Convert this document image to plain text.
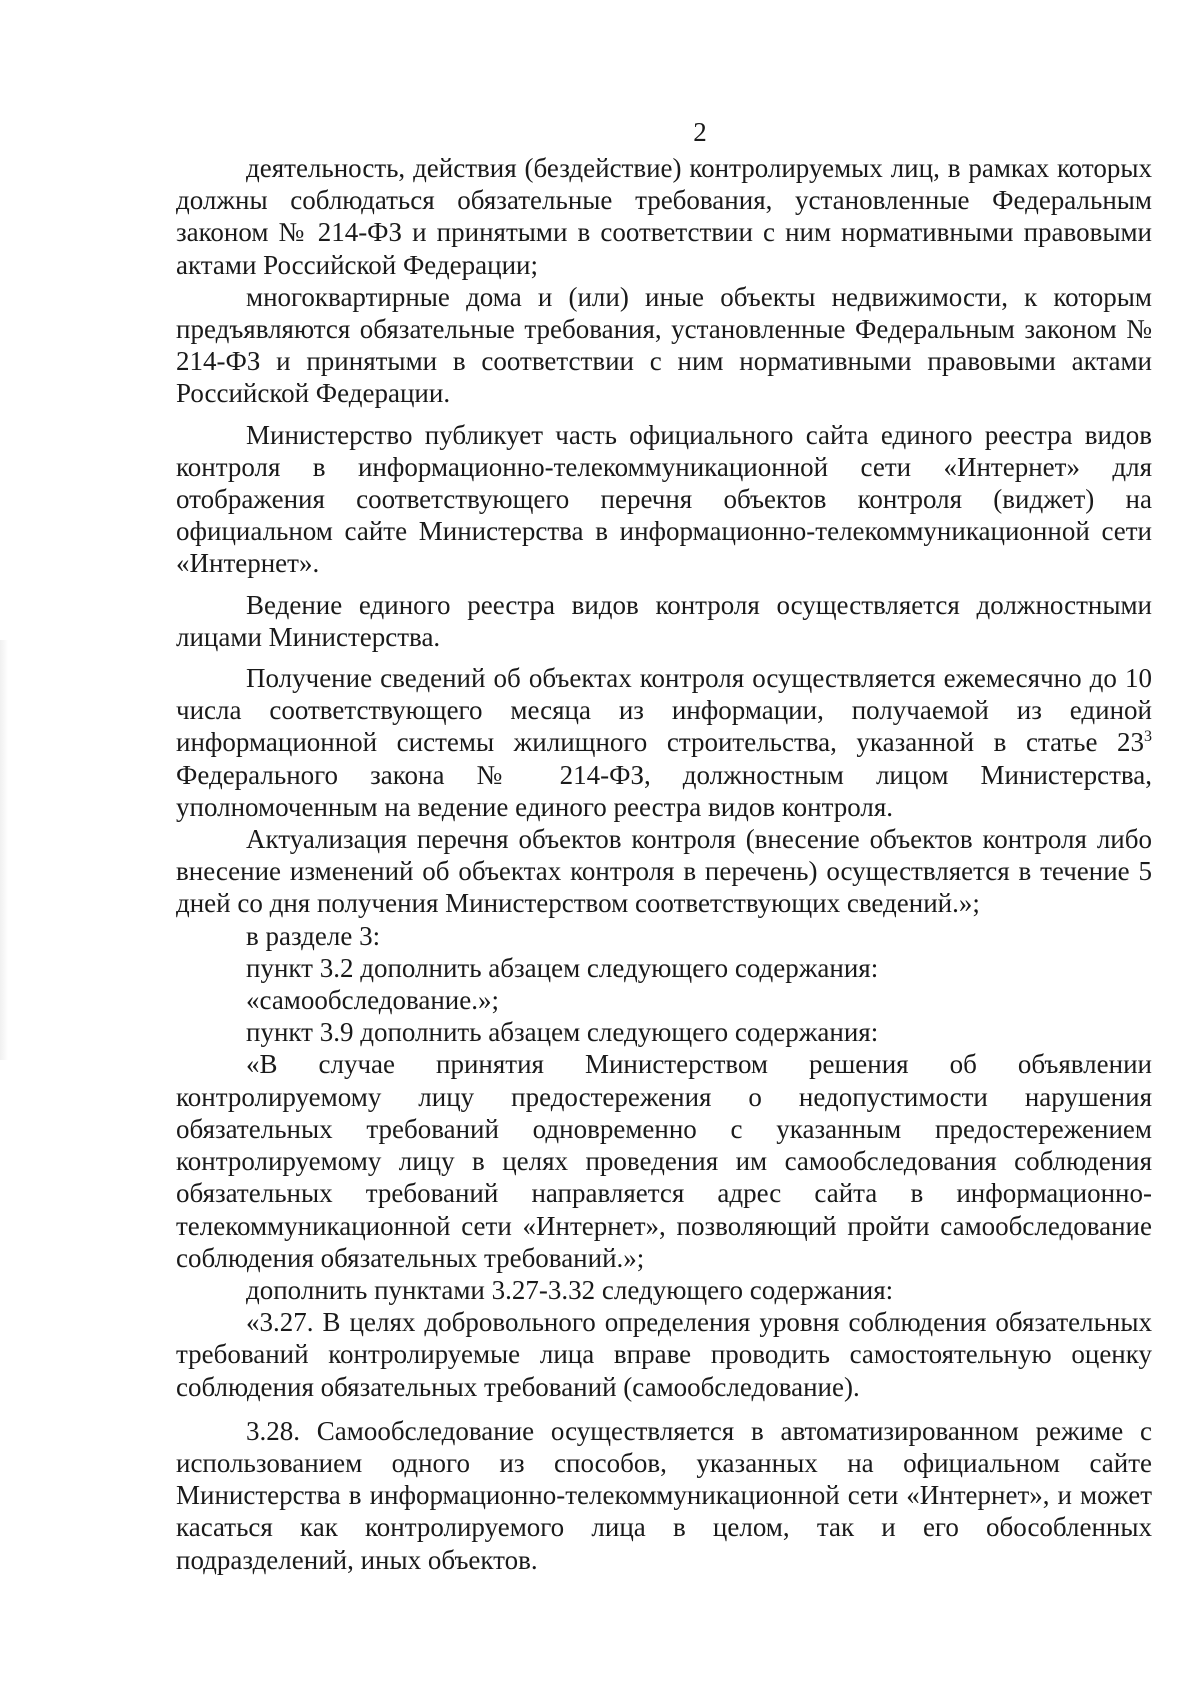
2

деятельность, действия (бездействие) контролируемых лиц, в рамках которых должны соблюдаться обязательные требования, установленные Федеральным законом № 214-ФЗ и принятыми в соответствии с ним нормативными правовыми актами Российской Федерации;

многоквартирные дома и (или) иные объекты недвижимости, к которым предъявляются обязательные требования, установленные Федеральным законом № 214-ФЗ и принятыми в соответствии с ним нормативными правовыми актами Российской Федерации.

Министерство публикует часть официального сайта единого реестра видов контроля в информационно-телекоммуникационной сети «Интернет» для отображения соответствующего перечня объектов контроля (виджет) на официальном сайте Министерства в информационно-телекоммуникационной сети «Интернет».

Ведение единого реестра видов контроля осуществляется должностными лицами Министерства.

Получение сведений об объектах контроля осуществляется ежемесячно до 10 числа соответствующего месяца из информации, получаемой из единой информационной системы жилищного строительства, указанной в статье $23^3$ Федерального закона № 214-ФЗ, должностным лицом Министерства, уполномоченным на ведение единого реестра видов контроля.

Актуализация перечня объектов контроля (внесение объектов контроля либо внесение изменений об объектах контроля в перечень) осуществляется в течение 5 дней со дня получения Министерством соответствующих сведений.»;

в разделе 3:

пункт 3.2 дополнить абзацем следующего содержания:

«самообследование.»;

пункт 3.9 дополнить абзацем следующего содержания:

«В случае принятия Министерством решения об объявлении контролируемому лицу предостережения о недопустимости нарушения обязательных требований одновременно с указанным предостережением контролируемому лицу в целях проведения им самообследования соблюдения обязательных требований направляется адрес сайта в информационно-телекоммуникационной сети «Интернет», позволяющий пройти самообследование соблюдения обязательных требований.»;

дополнить пунктами 3.27-3.32 следующего содержания:

«3.27. В целях добровольного определения уровня соблюдения обязательных требований контролируемые лица вправе проводить самостоятельную оценку соблюдения обязательных требований (самообследование).

3.28. Самообследование осуществляется в автоматизированном режиме с использованием одного из способов, указанных на официальном сайте Министерства в информационно-телекоммуникационной сети «Интернет», и может касаться как контролируемого лица в целом, так и его обособленных подразделений, иных объектов.
